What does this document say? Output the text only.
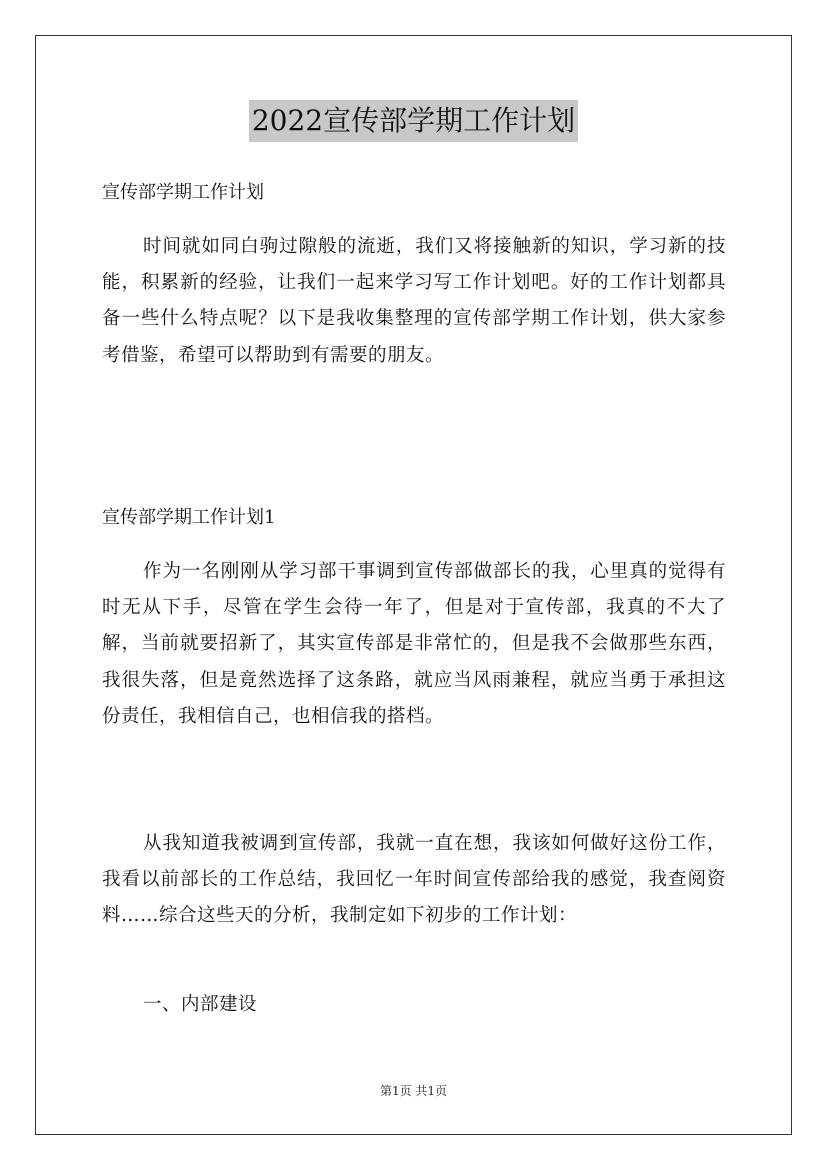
2022宣传部学期工作计划

宣传部学期工作计划

时间就如同白驹过隙般的流逝，我们又将接触新的知识，学习新的技能，积累新的经验，让我们一起来学习写工作计划吧。好的工作计划都具备一些什么特点呢？以下是我收集整理的宣传部学期工作计划，供大家参考借鉴，希望可以帮助到有需要的朋友。

宣传部学期工作计划1

作为一名刚刚从学习部干事调到宣传部做部长的我，心里真的觉得有时无从下手，尽管在学生会待一年了，但是对于宣传部，我真的不大了解，当前就要招新了，其实宣传部是非常忙的，但是我不会做那些东西，我很失落，但是竟然选择了这条路，就应当风雨兼程，就应当勇于承担这份责任，我相信自己，也相信我的搭档。

从我知道我被调到宣传部，我就一直在想，我该如何做好这份工作，我看以前部长的工作总结，我回忆一年时间宣传部给我的感觉，我查阅资料……综合这些天的分析，我制定如下初步的工作计划：

一、内部建设

第1页 共1页
